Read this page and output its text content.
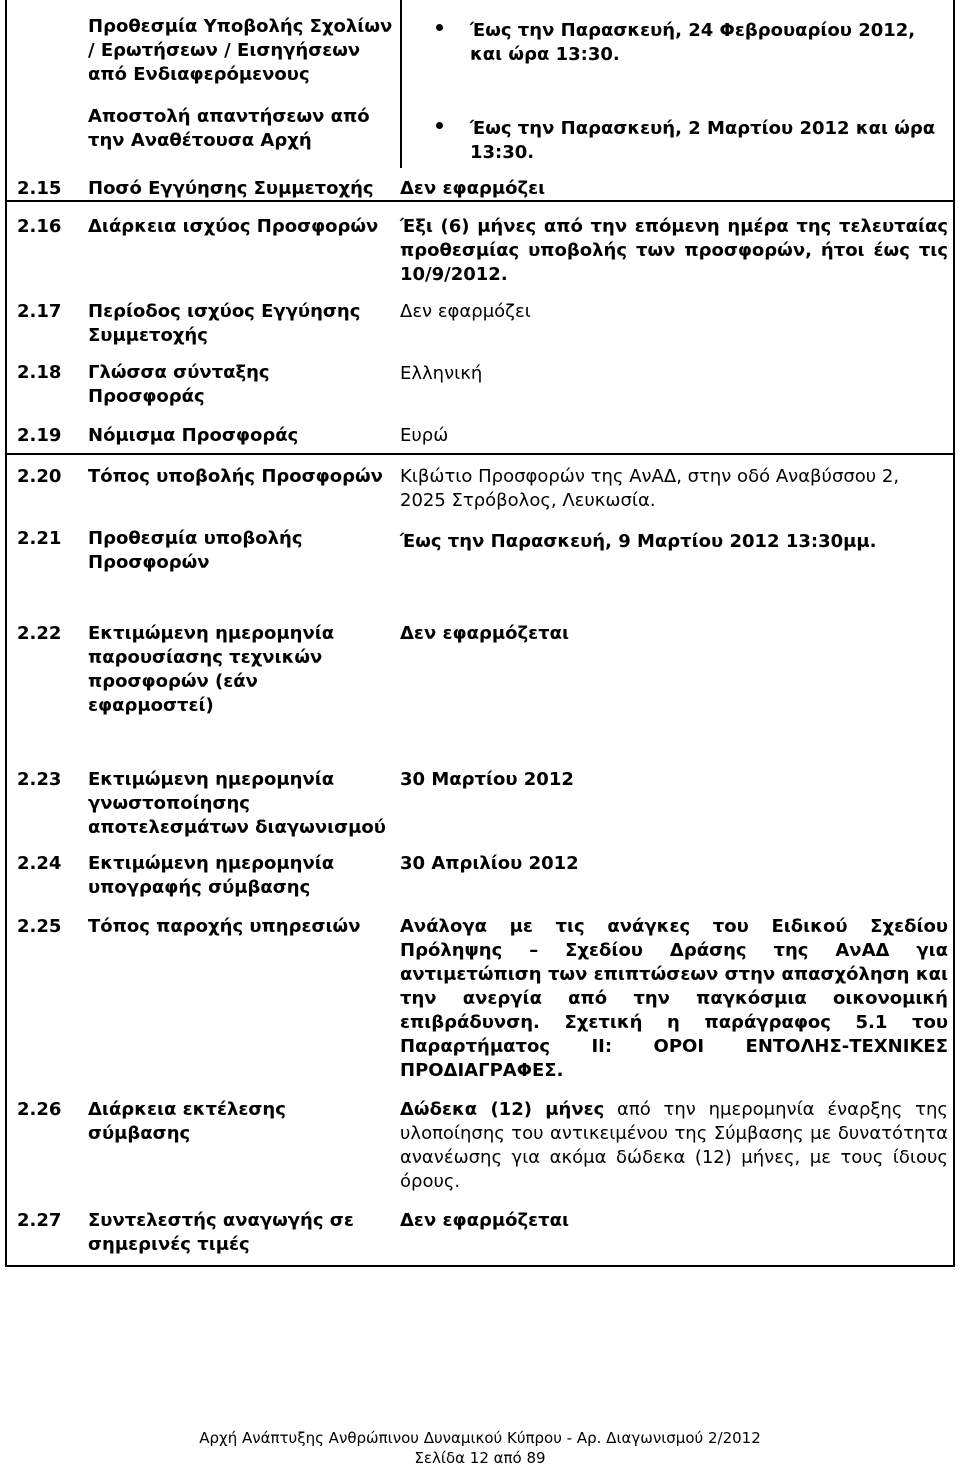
Προθεσμία Υποβολής Σχολίων / Ερωτήσεων / Εισηγήσεων από Ενδιαφερόμενους
Έως την Παρασκευή, 24 Φεβρουαρίου 2012, και ώρα 13:30.
Αποστολή απαντήσεων από την Αναθέτουσα Αρχή
Έως την Παρασκευή, 2 Μαρτίου 2012 και ώρα 13:30.
2.15 Ποσό Εγγύησης Συμμετοχής Δεν εφαρμόζει
2.16 Διάρκεια ισχύος Προσφορών Έξι (6) μήνες από την επόμενη ημέρα της τελευταίας προθεσμίας υποβολής των προσφορών, ήτοι έως τις 10/9/2012.
2.17 Περίοδος ισχύος Εγγύησης Συμμετοχής
Δεν εφαρμόζει
2.18 Γλώσσα σύνταξης Προσφοράς
Ελληνική
2.19 Νόμισμα Προσφοράς	Ευρώ
2.20 Τόπος υποβολής Προσφορών Κιβώτιο Προσφορών της ΑνΑΔ, στην οδό Αναβύσσου 2, 2025 Στρόβολος, Λευκωσία.
2.21 Προθεσμία υποβολής Προσφορών
Έως την Παρασκευή, 9 Μαρτίου 2012 13:30μμ.
2.22 Εκτιμώμενη ημερομηνία παρουσίασης τεχνικών προσφορών (εάν εφαρμοστεί)
Δεν εφαρμόζεται
2.23 Εκτιμώμενη ημερομηνία γνωστοποίησης αποτελεσμάτων διαγωνισμού
30 Μαρτίου 2012
2.24 Εκτιμώμενη ημερομηνία υπογραφής σύμβασης
30 Απριλίου 2012
2.25 Τόπος παροχής υπηρεσιών Ανάλογα με τις ανάγκες του Ειδικού Σχεδίου Πρόληψης – Σχεδίου Δράσης της ΑνΑΔ για αντιμετώπιση των επιπτώσεων στην απασχόληση και την ανεργία από την παγκόσμια οικονομική επιβράδυνση. Σχετική η παράγραφος 5.1 του Παραρτήματος ΙΙ: ΟΡΟΙ ΕΝΤΟΛΗΣ-ΤΕΧΝΙΚΕΣ ΠΡΟΔΙΑΓΡΑΦΕΣ.
2.26 Διάρκεια εκτέλεσης σύμβασης
Δώδεκα (12) μήνες από την ημερομηνία έναρξης της υλοποίησης του αντικειμένου της Σύμβασης με δυνατότητα ανανέωσης για ακόμα δώδεκα (12) μήνες, με τους ίδιους όρους.
2.27 Συντελεστής αναγωγής σε σημερινές τιμές
Δεν εφαρμόζεται
Αρχή Ανάπτυξης Ανθρώπινου Δυναμικού Κύπρου - Αρ. Διαγωνισμού 2/2012
Σελίδα 12 από 89
